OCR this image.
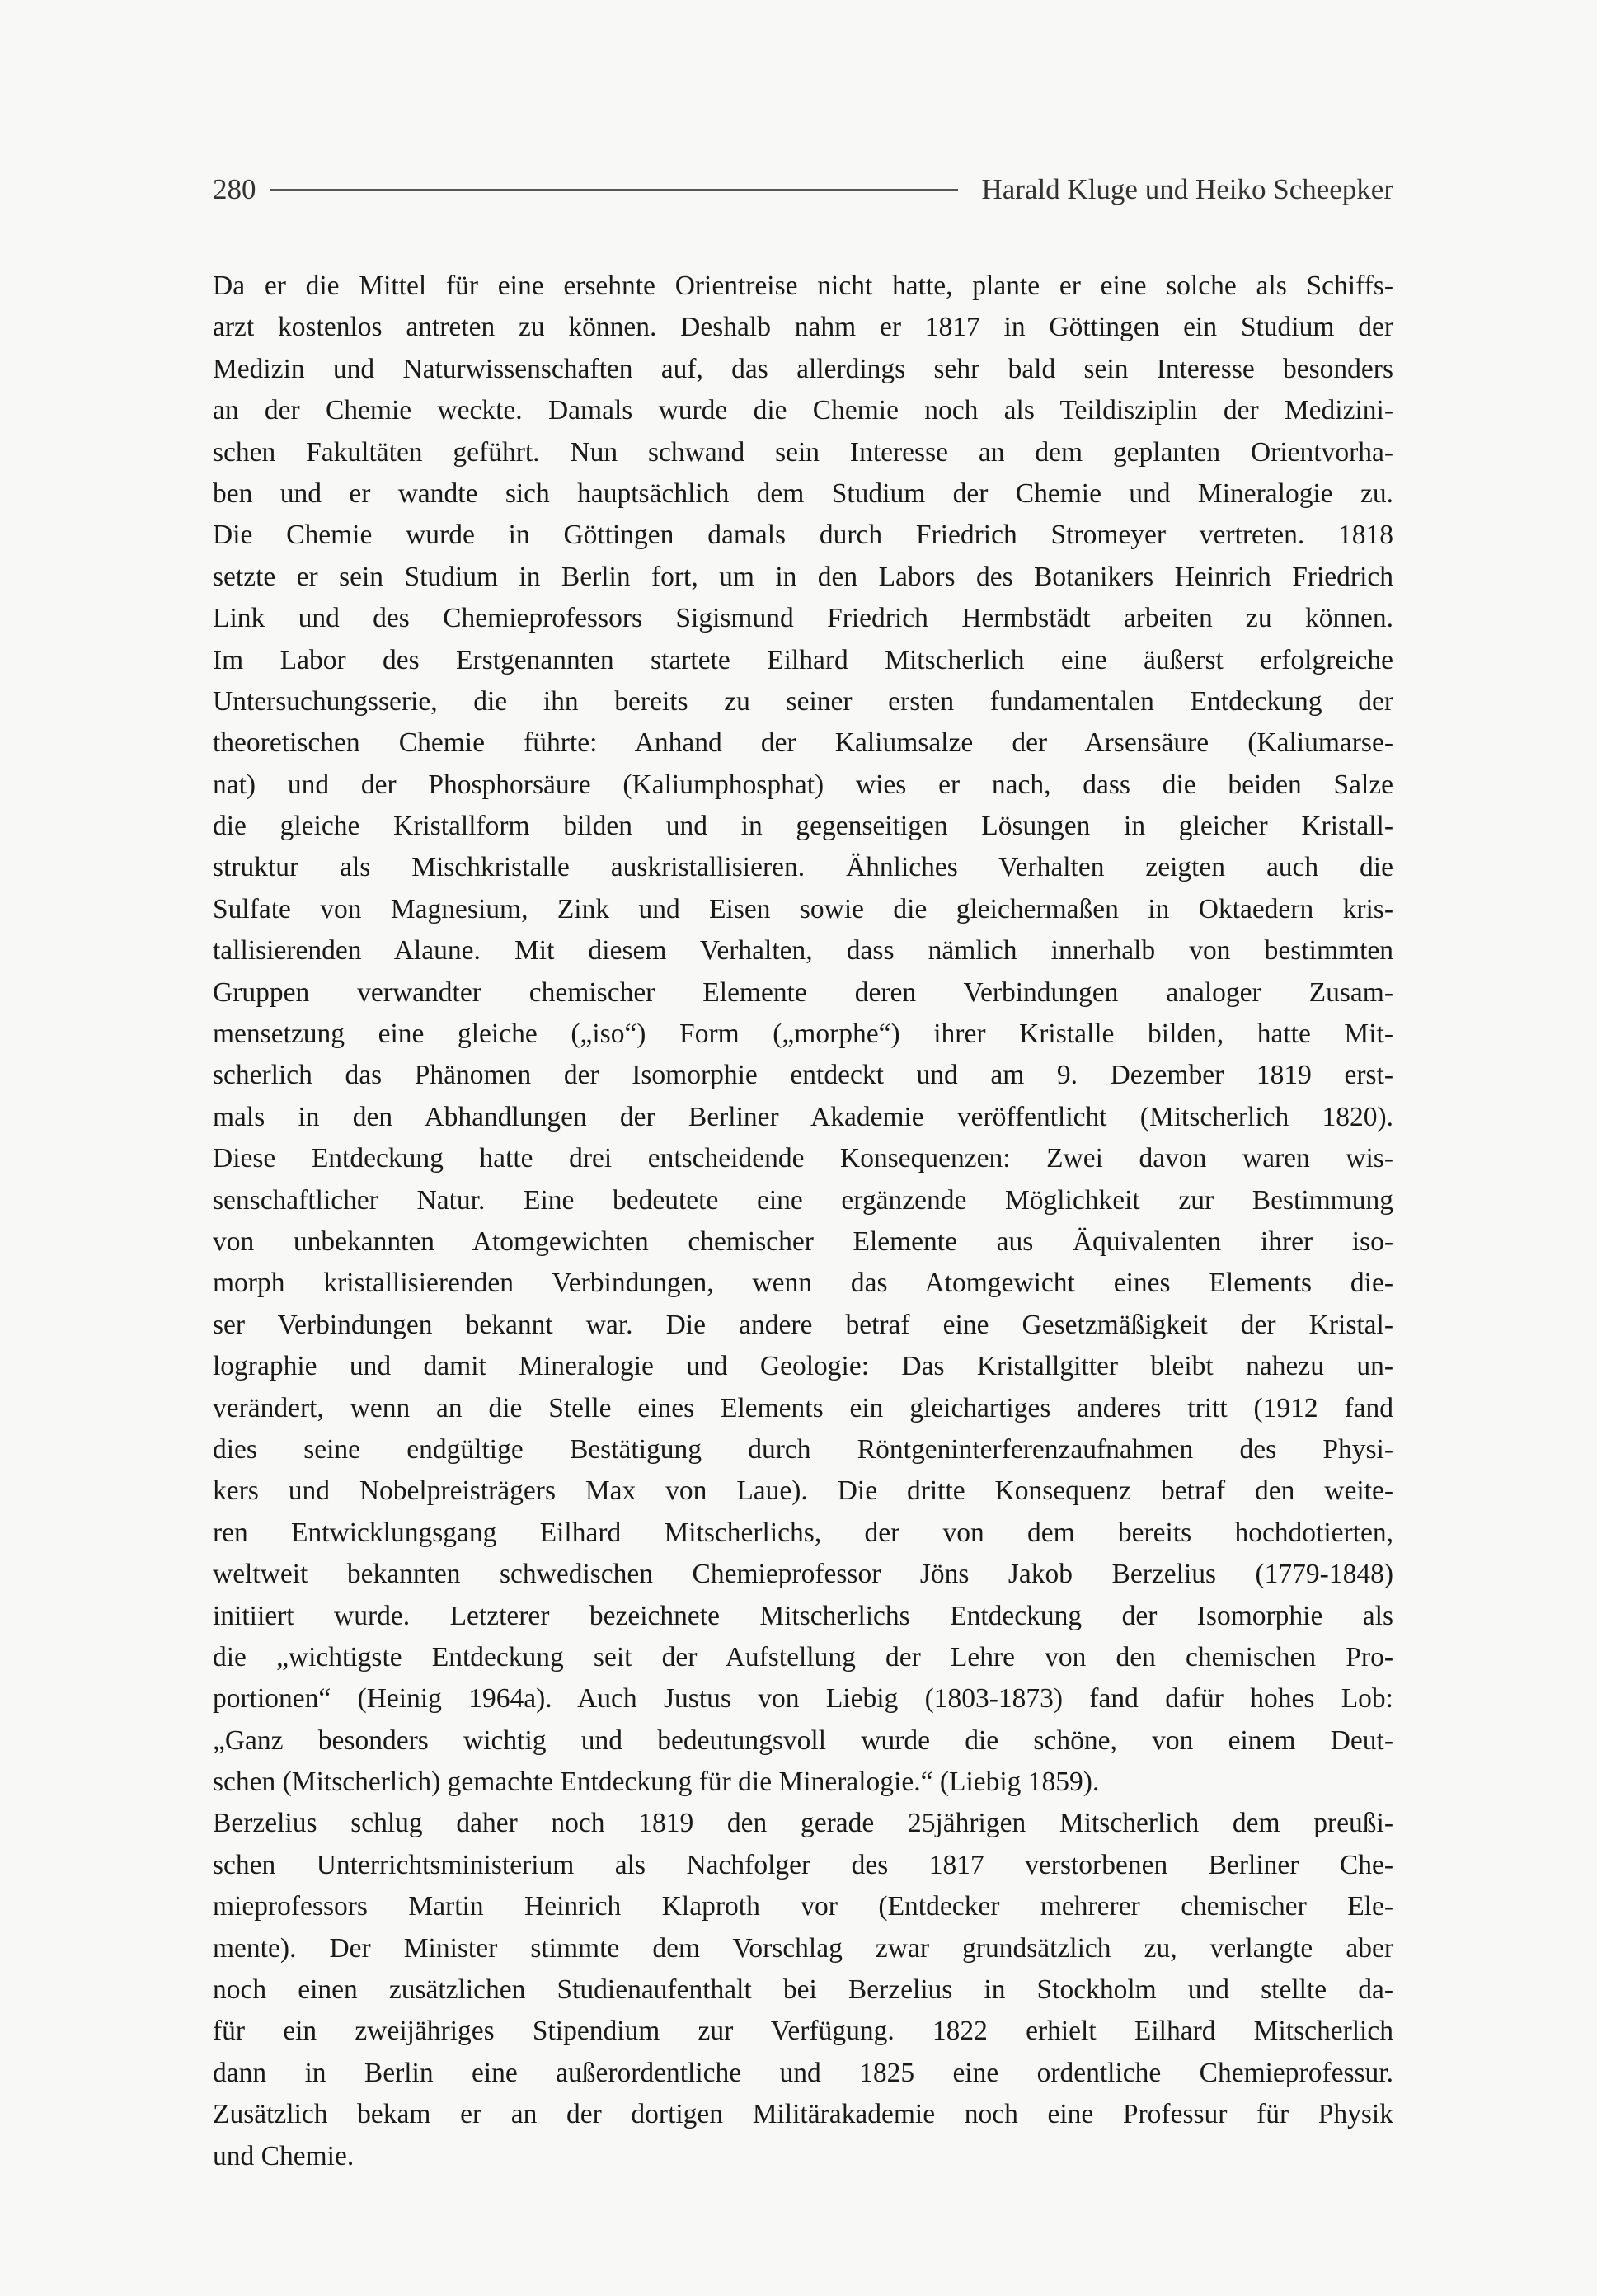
280	Harald Kluge und Heiko Scheepker
Da er die Mittel für eine ersehnte Orientreise nicht hatte, plante er eine solche als Schiffs-
arzt kostenlos antreten zu können. Deshalb nahm er 1817 in Göttingen ein Studium der
Medizin und Naturwissenschaften auf, das allerdings sehr bald sein Interesse besonders
an der Chemie weckte. Damals wurde die Chemie noch als Teildisziplin der Medizini-
schen Fakultäten geführt. Nun schwand sein Interesse an dem geplanten Orientvorha-
ben und er wandte sich hauptsächlich dem Studium der Chemie und Mineralogie zu.
Die Chemie wurde in Göttingen damals durch Friedrich Stromeyer vertreten. 1818
setzte er sein Studium in Berlin fort, um in den Labors des Botanikers Heinrich Friedrich
Link und des Chemieprofessors Sigismund Friedrich Hermbstädt arbeiten zu können.
Im Labor des Erstgenannten startete Eilhard Mitscherlich eine äußerst erfolgreiche
Untersuchungsserie, die ihn bereits zu seiner ersten fundamentalen Entdeckung der
theoretischen Chemie führte: Anhand der Kaliumsalze der Arsensäure (Kaliumarse-
nat) und der Phosphorsäure (Kaliumphosphat) wies er nach, dass die beiden Salze
die gleiche Kristallform bilden und in gegenseitigen Lösungen in gleicher Kristall-
struktur als Mischkristalle auskristallisieren. Ähnliches Verhalten zeigten auch die
Sulfate von Magnesium, Zink und Eisen sowie die gleichermaßen in Oktaedern kris-
tallisierenden Alaune. Mit diesem Verhalten, dass nämlich innerhalb von bestimmten
Gruppen verwandter chemischer Elemente deren Verbindungen analoger Zusam-
mensetzung eine gleiche („iso“) Form („morphe“) ihrer Kristalle bilden, hatte Mit-
scherlich das Phänomen der Isomorphie entdeckt und am 9. Dezember 1819 erst-
mals in den Abhandlungen der Berliner Akademie veröffentlicht (Mitscherlich 1820).
Diese Entdeckung hatte drei entscheidende Konsequenzen: Zwei davon waren wis-
senschaftlicher Natur. Eine bedeutete eine ergänzende Möglichkeit zur Bestimmung
von unbekannten Atomgewichten chemischer Elemente aus Äquivalenten ihrer iso-
morph kristallisierenden Verbindungen, wenn das Atomgewicht eines Elements die-
ser Verbindungen bekannt war. Die andere betraf eine Gesetzmäßigkeit der Kristal-
lographie und damit Mineralogie und Geologie: Das Kristallgitter bleibt nahezu un-
verändert, wenn an die Stelle eines Elements ein gleichartiges anderes tritt (1912 fand
dies seine endgültige Bestätigung durch Röntgeninterferenzaufnahmen des Physi-
kers und Nobelpreisträgers Max von Laue). Die dritte Konsequenz betraf den weite-
ren Entwicklungsgang Eilhard Mitscherlichs, der von dem bereits hochdotierten,
weltweit bekannten schwedischen Chemieprofessor Jöns Jakob Berzelius (1779-1848)
initiiert wurde. Letzterer bezeichnete Mitscherlichs Entdeckung der Isomorphie als
die „wichtigste Entdeckung seit der Aufstellung der Lehre von den chemischen Pro-
portionen“ (Heinig 1964a). Auch Justus von Liebig (1803-1873) fand dafür hohes Lob:
„Ganz besonders wichtig und bedeutungsvoll wurde die schöne, von einem Deut-
schen (Mitscherlich) gemachte Entdeckung für die Mineralogie.“ (Liebig 1859).
Berzelius schlug daher noch 1819 den gerade 25jährigen Mitscherlich dem preußi-
schen Unterrichtsministerium als Nachfolger des 1817 verstorbenen Berliner Che-
mieprofessors Martin Heinrich Klaproth vor (Entdecker mehrerer chemischer Ele-
mente). Der Minister stimmte dem Vorschlag zwar grundsätzlich zu, verlangte aber
noch einen zusätzlichen Studienaufenthalt bei Berzelius in Stockholm und stellte da-
für ein zweijähriges Stipendium zur Verfügung. 1822 erhielt Eilhard Mitscherlich
dann in Berlin eine außerordentliche und 1825 eine ordentliche Chemieprofessur.
Zusätzlich bekam er an der dortigen Militärakademie noch eine Professur für Physik
und Chemie.
